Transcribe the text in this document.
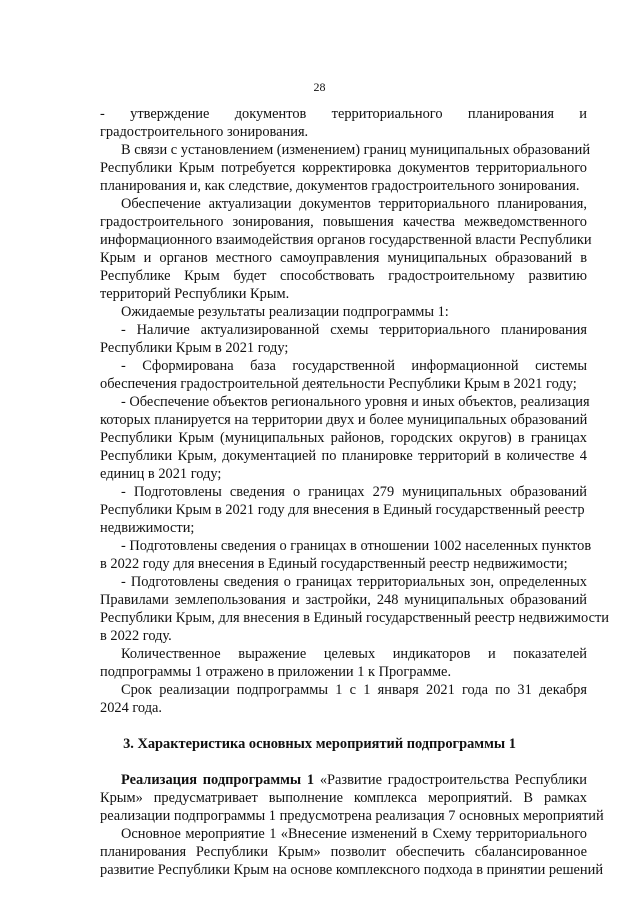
28
- утверждение документов территориального планирования и
градостроительного зонирования.
В связи с установлением (изменением) границ муниципальных образований
Республики Крым потребуется корректировка документов территориального
планирования и, как следствие, документов градостроительного зонирования.
Обеспечение актуализации документов территориального планирования,
градостроительного зонирования, повышения качества межведомственного
информационного взаимодействия органов государственной власти Республики
Крым и органов местного самоуправления муниципальных образований в
Республике Крым будет способствовать градостроительному развитию
территорий Республики Крым.
Ожидаемые результаты реализации подпрограммы 1:
- Наличие актуализированной схемы территориального планирования
Республики Крым в 2021 году;
- Сформирована база государственной информационной системы
обеспечения градостроительной деятельности Республики Крым в 2021 году;
- Обеспечение объектов регионального уровня и иных объектов, реализация
которых планируется на территории двух и более муниципальных образований
Республики Крым (муниципальных районов, городских округов) в границах
Республики Крым, документацией по планировке территорий в количестве 4
единиц в 2021 году;
- Подготовлены сведения о границах 279 муниципальных образований
Республики Крым в 2021 году для внесения в Единый государственный реестр
недвижимости;
- Подготовлены сведения о границах в отношении 1002 населенных пунктов
в 2022 году для внесения в Единый государственный реестр недвижимости;
- Подготовлены сведения о границах территориальных зон, определенных
Правилами землепользования и застройки, 248 муниципальных образований
Республики Крым, для внесения в Единый государственный реестр недвижимости
в 2022 году.
Количественное выражение целевых индикаторов и показателей
подпрограммы 1 отражено в приложении 1 к Программе.
Срок реализации подпрограммы 1 с 1 января 2021 года по 31 декабря
2024 года.
3. Характеристика основных мероприятий подпрограммы 1
Реализация подпрограммы 1 «Развитие градостроительства Республики
Крым» предусматривает выполнение комплекса мероприятий. В рамках
реализации подпрограммы 1 предусмотрена реализация 7 основных мероприятий
Основное мероприятие 1 «Внесение изменений в Схему территориального
планирования Республики Крым» позволит обеспечить сбалансированное
развитие Республики Крым на основе комплексного подхода в принятии решений
